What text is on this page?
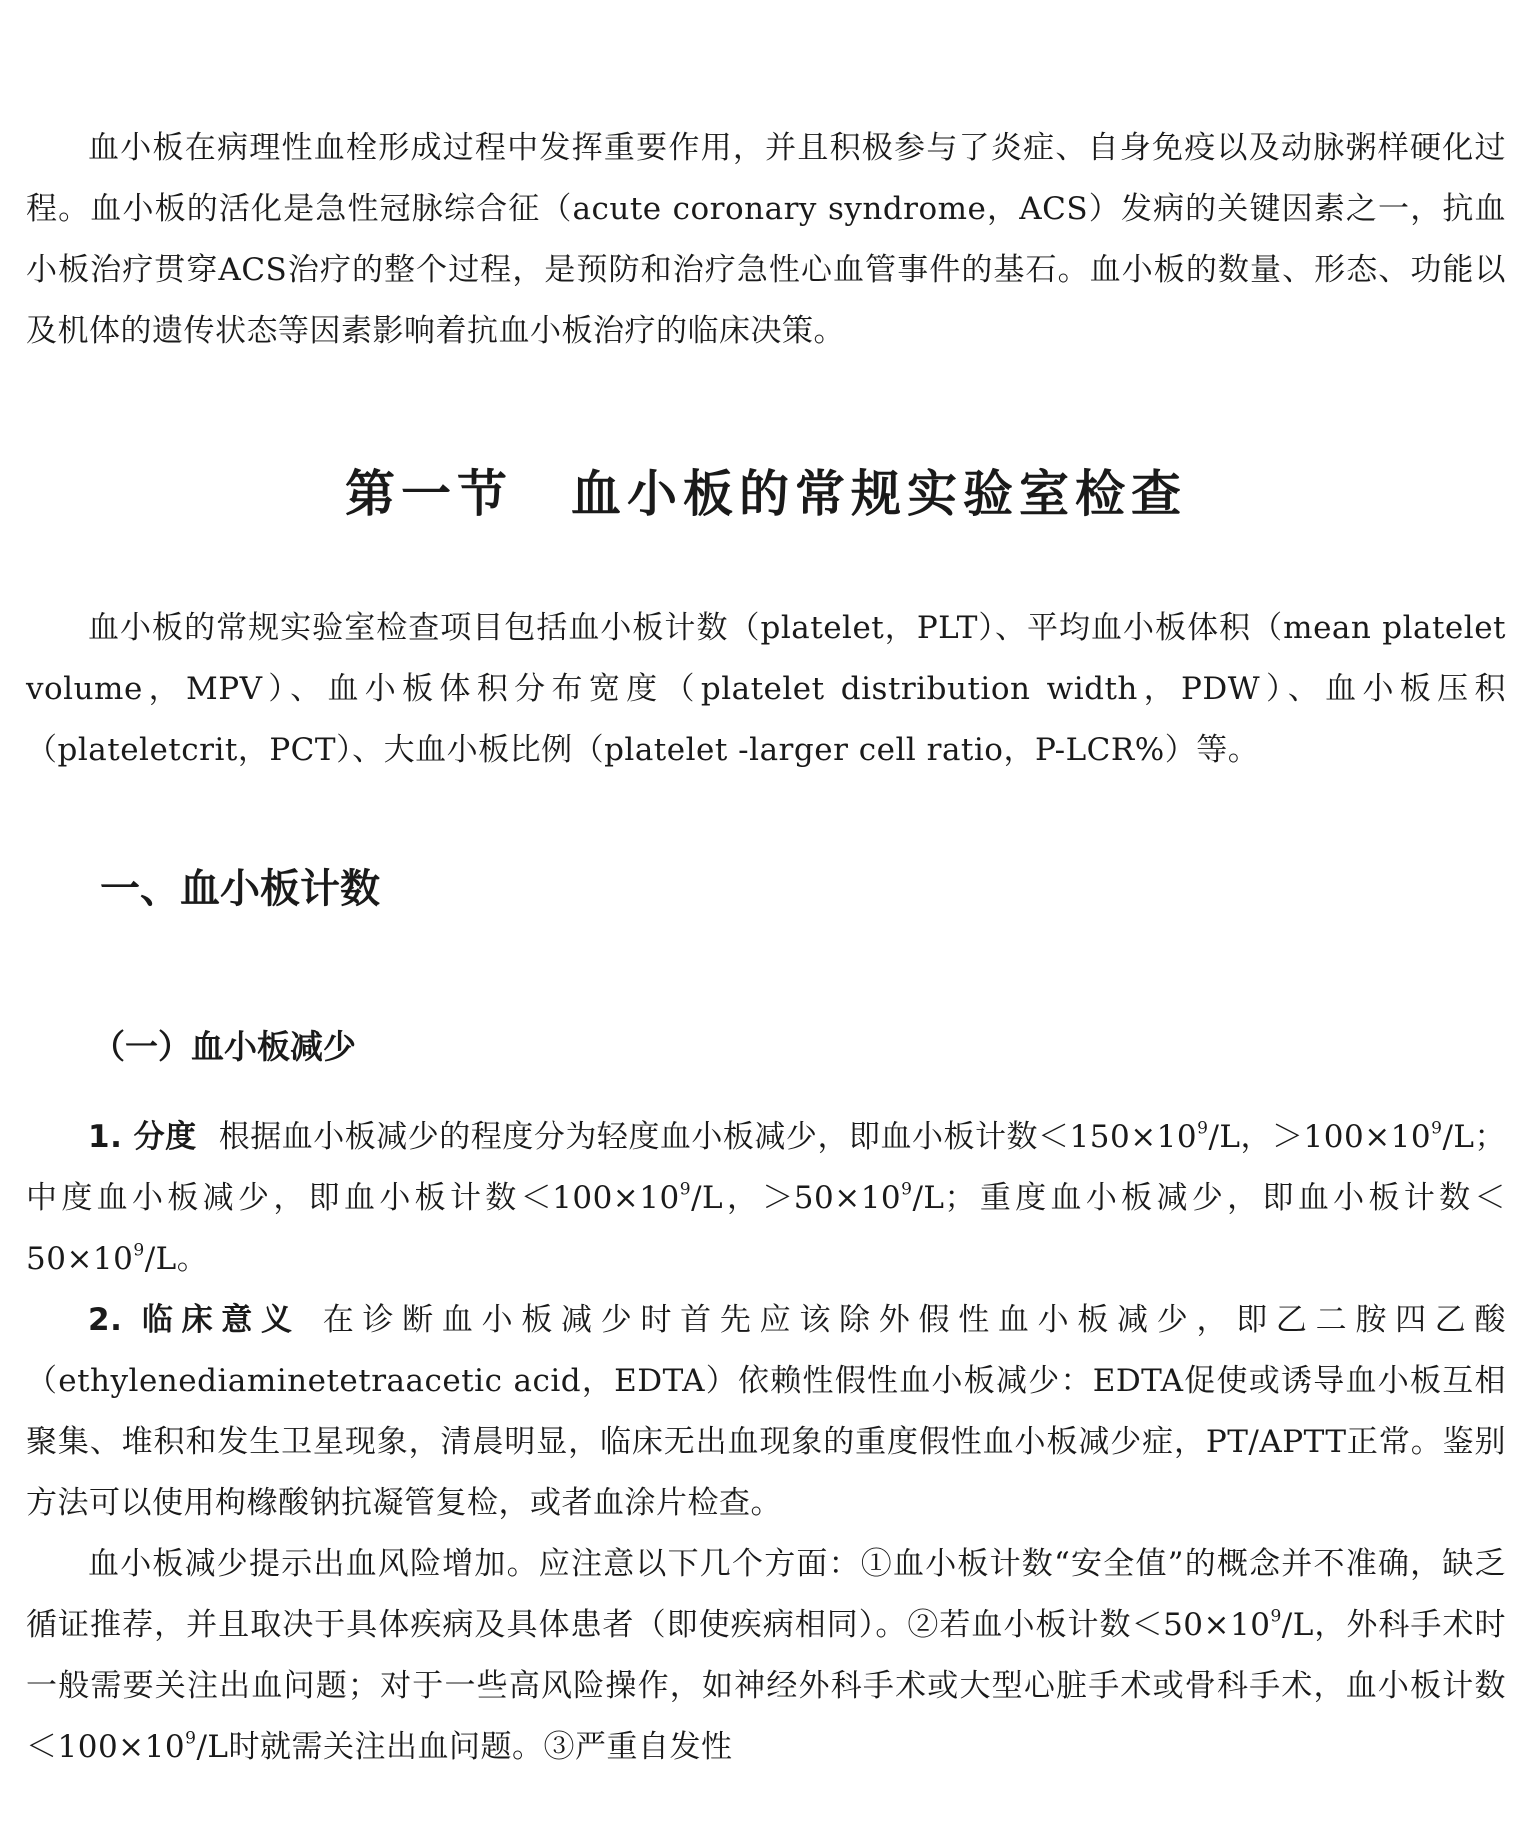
血小板在病理性血栓形成过程中发挥重要作用，并且积极参与了炎症、自身免疫以及动脉粥样硬化过程。血小板的活化是急性冠脉综合征（acute coronary syndrome，ACS）发病的关键因素之一，抗血小板治疗贯穿ACS治疗的整个过程，是预防和治疗急性心血管事件的基石。血小板的数量、形态、功能以及机体的遗传状态等因素影响着抗血小板治疗的临床决策。

第一节 血小板的常规实验室检查

血小板的常规实验室检查项目包括血小板计数（platelet，PLT）、平均血小板体积（mean platelet volume，MPV）、血小板体积分布宽度（platelet distribution width，PDW）、血小板压积（plateletcrit，PCT）、大血小板比例（platelet -larger cell ratio，P-LCR%）等。

一、血小板计数
（一）血小板减少

1. 分度 根据血小板减少的程度分为轻度血小板减少，即血小板计数$<150\times 10^9/L$，$>100\times 10^9/L$；中度血小板减少，即血小板计数$<100\times 10^9/L$，$>50\times 10^9/L$；重度血小板减少，即血小板计数$<50\times 10^9/L$。

2. 临床意义 在诊断血小板减少时首先应该除外假性血小板减少，即乙二胺四乙酸（ethylenediaminetetraacetic acid，EDTA）依赖性假性血小板减少：EDTA促使或诱导血小板互相聚集、堆积和发生卫星现象，清晨明显，临床无出血现象的重度假性血小板减少症，PT/APTT正常。鉴别方法可以使用枸橼酸钠抗凝管复检，或者血涂片检查。

血小板减少提示出血风险增加。应注意以下几个方面：①血小板计数“安全值”的概念并不准确，缺乏循证推荐，并且取决于具体疾病及具体患者（即使疾病相同）。②若血小板计数$<50\times 10^9/L$，外科手术时一般需要关注出血问题；对于一些高风险操作，如神经外科手术或大型心脏手术或骨科手术，血小板计数$<100\times 10^9/L$时就需关注出血问题。③严重自发性
